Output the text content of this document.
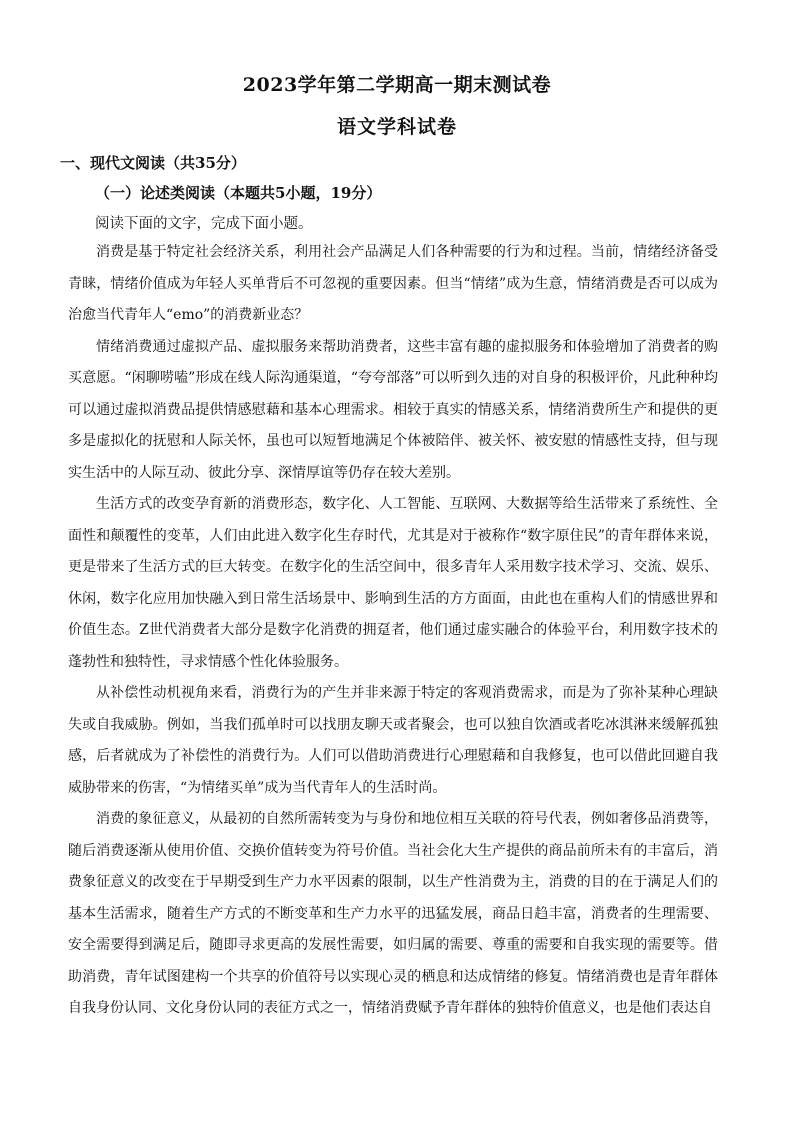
2023学年第二学期高一期末测试卷
语文学科试卷
一、现代文阅读（共35分）
（一）论述类阅读（本题共5小题，19分）
阅读下面的文字，完成下面小题。

消费是基于特定社会经济关系，利用社会产品满足人们各种需要的行为和过程。当前，情绪经济备受青睐，情绪价值成为年轻人买单背后不可忽视的重要因素。但当“情绪”成为生意，情绪消费是否可以成为治愈当代青年人“emo”的消费新业态？

情绪消费通过虚拟产品、虚拟服务来帮助消费者，这些丰富有趣的虚拟服务和体验增加了消费者的购买意愿。“闲聊唠嗑”形成在线人际沟通渠道，“夸夸部落”可以听到久违的对自身的积极评价，凡此种种均可以通过虚拟消费品提供情感慰藉和基本心理需求。相较于真实的情感关系，情绪消费所生产和提供的更多是虚拟化的抚慰和人际关怀，虽也可以短暂地满足个体被陪伴、被关怀、被安慰的情感性支持，但与现实生活中的人际互动、彼此分享、深情厚谊等仍存在较大差别。

生活方式的改变孕育新的消费形态，数字化、人工智能、互联网、大数据等给生活带来了系统性、全面性和颠覆性的变革，人们由此进入数字化生存时代，尤其是对于被称作“数字原住民”的青年群体来说，更是带来了生活方式的巨大转变。在数字化的生活空间中，很多青年人采用数字技术学习、交流、娱乐、休闲，数字化应用加快融入到日常生活场景中、影响到生活的方方面面，由此也在重构人们的情感世界和价值生态。Z世代消费者大部分是数字化消费的拥趸者，他们通过虚实融合的体验平台，利用数字技术的蓬勃性和独特性，寻求情感个性化体验服务。

从补偿性动机视角来看，消费行为的产生并非来源于特定的客观消费需求，而是为了弥补某种心理缺失或自我威胁。例如，当我们孤单时可以找朋友聊天或者聚会，也可以独自饮酒或者吃冰淇淋来缓解孤独感，后者就成为了补偿性的消费行为。人们可以借助消费进行心理慰藉和自我修复，也可以借此回避自我威胁带来的伤害，“为情绪买单”成为当代青年人的生活时尚。

消费的象征意义，从最初的自然所需转变为与身份和地位相互关联的符号代表，例如奢侈品消费等，随后消费逐渐从使用价值、交换价值转变为符号价值。当社会化大生产提供的商品前所未有的丰富后，消费象征意义的改变在于早期受到生产力水平因素的限制，以生产性消费为主，消费的目的在于满足人们的基本生活需求，随着生产方式的不断变革和生产力水平的迅猛发展，商品日趋丰富，消费者的生理需要、安全需要得到满足后，随即寻求更高的发展性需要，如归属的需要、尊重的需要和自我实现的需要等。借助消费，青年试图建构一个共享的价值符号以实现心灵的栖息和达成情绪的修复。情绪消费也是青年群体自我身份认同、文化身份认同的表征方式之一，情绪消费赋予青年群体的独特价值意义，也是他们表达自
